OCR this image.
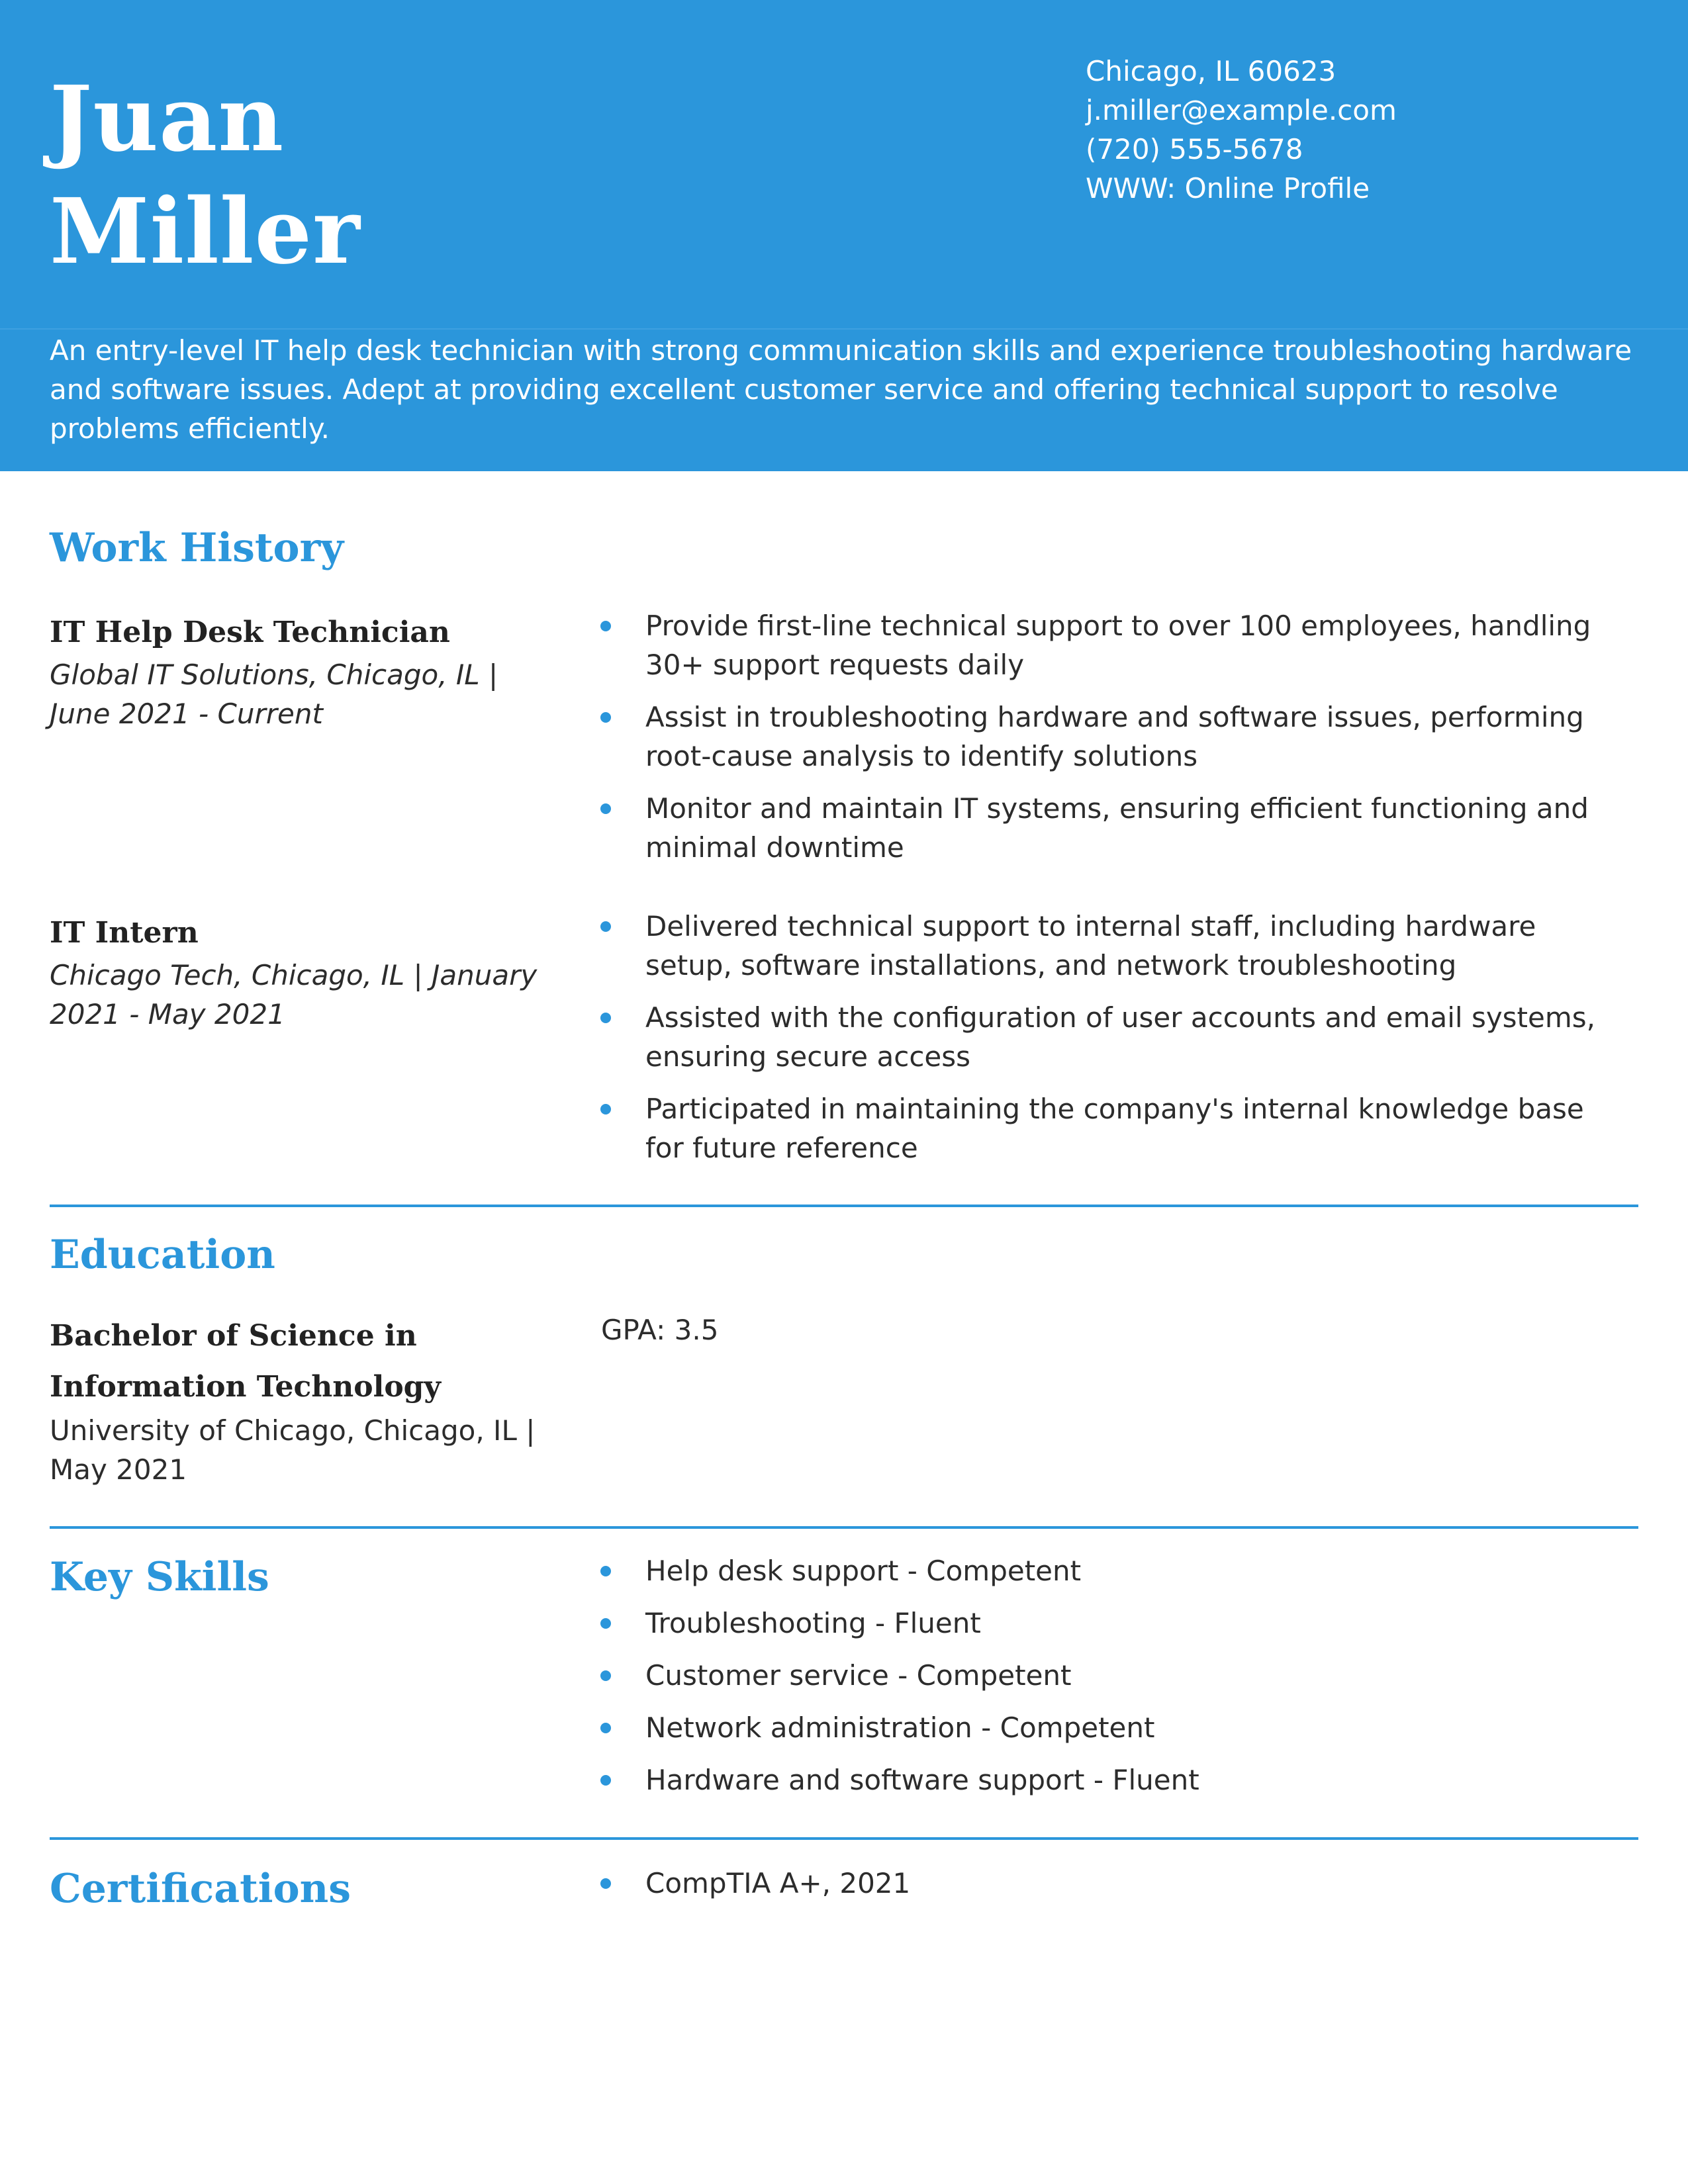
Juan
Miller
Chicago, IL 60623
j.miller@example.com
(720) 555-5678
WWW: Online Profile
An entry-level IT help desk technician with strong communication skills and experience troubleshooting hardware and software issues. Adept at providing excellent customer service and offering technical support to resolve problems efficiently.
Work History
IT Help Desk Technician
Global IT Solutions, Chicago, IL | June 2021 - Current
Provide first-line technical support to over 100 employees, handling 30+ support requests daily
Assist in troubleshooting hardware and software issues, performing root-cause analysis to identify solutions
Monitor and maintain IT systems, ensuring efficient functioning and minimal downtime
IT Intern
Chicago Tech, Chicago, IL | January 2021 - May 2021
Delivered technical support to internal staff, including hardware setup, software installations, and network troubleshooting
Assisted with the configuration of user accounts and email systems, ensuring secure access
Participated in maintaining the company's internal knowledge base for future reference
Education
Bachelor of Science in Information Technology
University of Chicago, Chicago, IL | May 2021
GPA: 3.5
Key Skills	Help desk support - Competent
Troubleshooting - Fluent
Customer service - Competent
Network administration - Competent
Hardware and software support - Fluent
Certifications	CompTIA A+, 2021
